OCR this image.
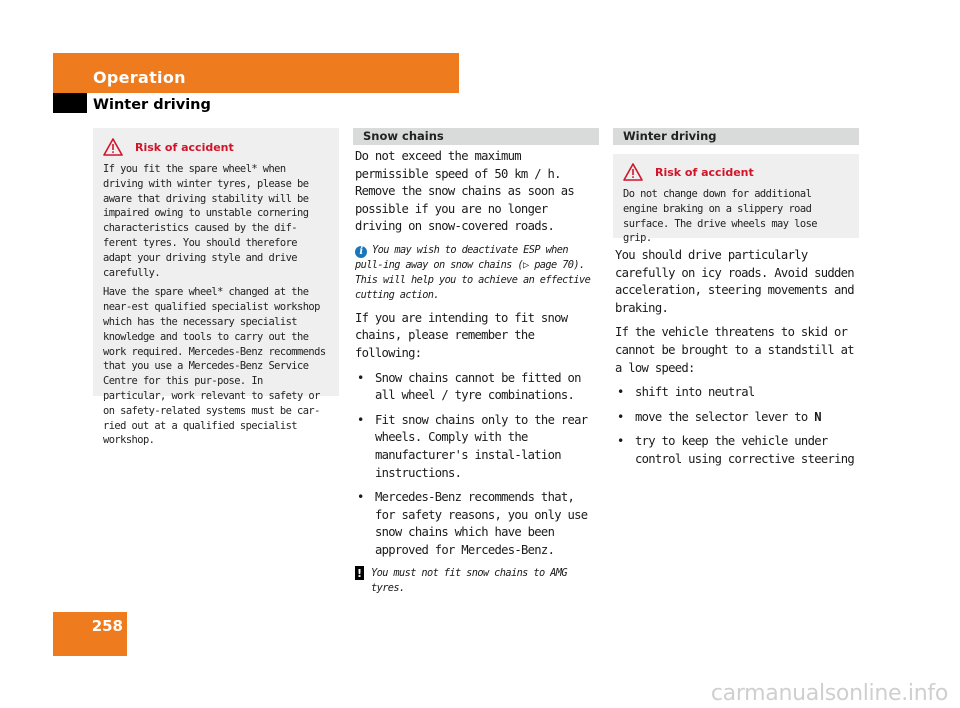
Operation
Winter driving
Risk of accident

If you fit the spare wheel* when driving with winter tyres, please be aware that driving stability will be impaired owing to unstable cornering characteristics caused by the dif-ferent tyres. You should therefore adapt your driving style and drive carefully.

Have the spare wheel* changed at the near-est qualified specialist workshop which has the necessary specialist knowledge and tools to carry out the work required. Mercedes-Benz recommends that you use a Mercedes-Benz Service Centre for this pur-pose. In particular, work relevant to safety or on safety-related systems must be car-ried out at a qualified specialist workshop.

Snow chains

Do not exceed the maximum permissible speed of 50 km / h. Remove the snow chains as soon as possible if you are no longer driving on snow-covered roads.

i You may wish to deactivate ESP when pull-ing away on snow chains (▷ page 70). This will help you to achieve an effective cutting action.

If you are intending to fit snow chains, please remember the following:

• Snow chains cannot be fitted on all wheel / tyre combinations.
• Fit snow chains only to the rear wheels. Comply with the manufacturer's instal-lation instructions.
• Mercedes-Benz recommends that, for safety reasons, you only use snow chains which have been approved for Mercedes-Benz.
! You must not fit snow chains to AMG tyres.
Winter driving
Risk of accident

Do not change down for additional engine braking on a slippery road surface. The drive wheels may lose grip.

You should drive particularly carefully on icy roads. Avoid sudden acceleration, steering movements and braking.

If the vehicle threatens to skid or cannot be brought to a standstill at a low speed:

• shift into neutral
• move the selector lever to N
• try to keep the vehicle under control using corrective steering
258
carmanualsonline.info
